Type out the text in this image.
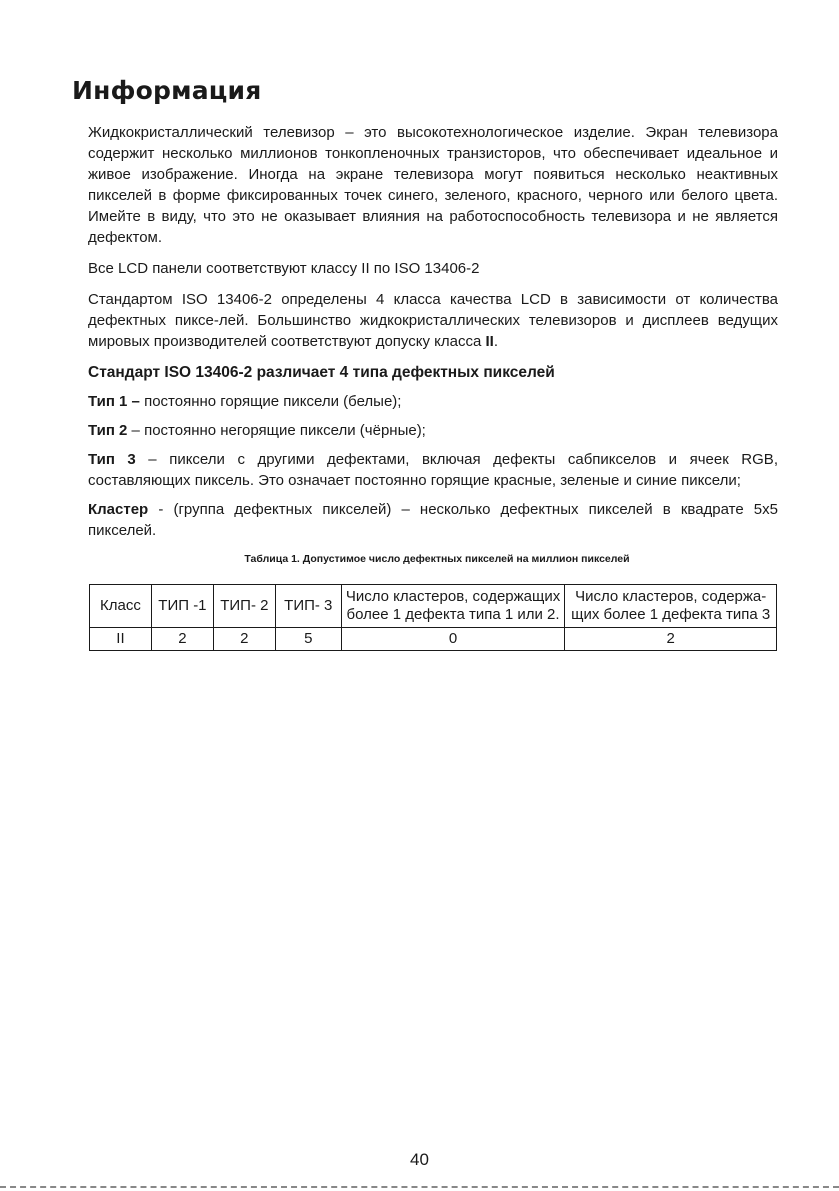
Информация

Жидкокристаллический телевизор – это высокотехнологическое изделие. Экран телевизора содержит несколько миллионов тонкопленочных транзисторов, что обеспечивает идеальное и живое изображение. Иногда на экране телевизора могут появиться несколько неактивных пикселей в форме фиксированных точек синего, зеленого, красного, черного или белого цвета. Имейте в виду, что это не оказывает влияния на работоспособность телевизора и не является дефектом.

Все LCD панели соответствуют классу II по ISO 13406-2

Стандартом ISO 13406-2 определены 4 класса качества LCD в зависимости от количества дефектных пиксе-лей. Большинство жидкокристаллических телевизоров и дисплеев ведущих мировых производителей соответствуют допуску класса II.

Стандарт ISO 13406-2 различает 4 типа дефектных пикселей

Тип 1 – постоянно горящие пиксели (белые);

Тип 2 – постоянно негорящие пиксели (чёрные);

Тип 3 – пиксели с другими дефектами, включая дефекты сабпикселов и ячеек RGB, составляющих пиксель. Это означает постоянно горящие красные, зеленые и синие пиксели;

Кластер - (группа дефектных пикселей) – несколько дефектных пикселей в квадрате 5х5 пикселей.

Таблица 1. Допустимое число дефектных пикселей на миллион пикселей
Класс	ТИП -1	ТИП- 2	ТИП- 3	Число кластеров, содержащих более 1 дефекта типа 1 или 2.	Число кластеров, содержа-щих более 1 дефекта типа 3
II	2	2	5	0	2
40
